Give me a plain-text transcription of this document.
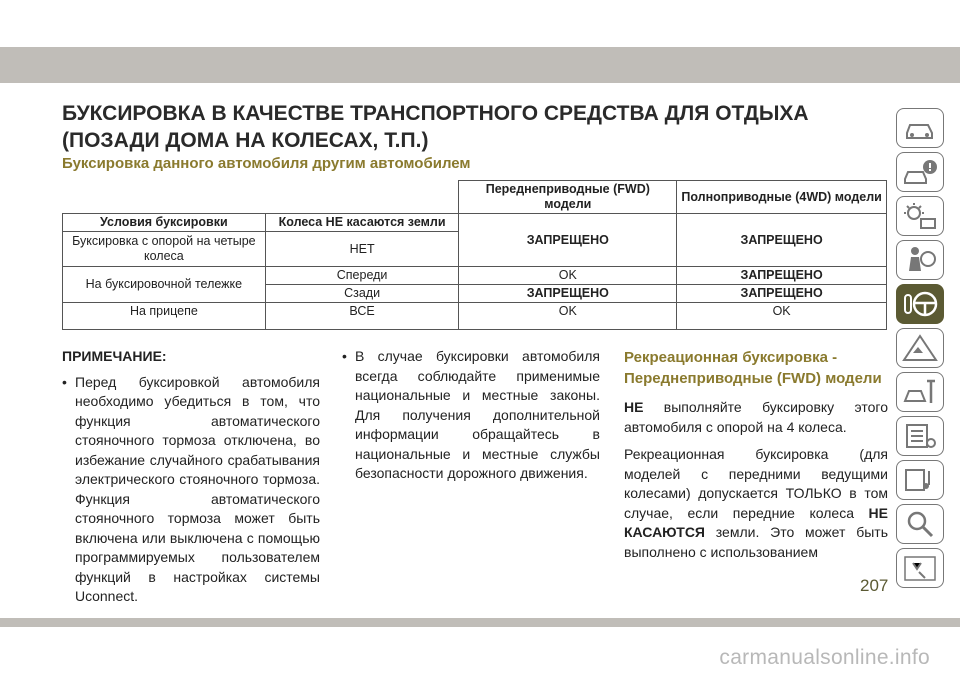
БУКСИРОВКА В КАЧЕСТВЕ ТРАНСПОРТНОГО СРЕДСТВА ДЛЯ ОТДЫХА (ПОЗАДИ ДОМА НА КОЛЕСАХ, Т.П.)
Буксировка данного автомобиля другим автомобилем
		Переднеприводные (FWD) модели	Полноприводные (4WD) модели
Условия буксировки	Колеса НЕ касаются земли	ЗАПРЕЩЕНО	ЗАПРЕЩЕНО
Буксировка с опорой на четыре колеса	НЕТ		
На буксировочной тележке	Спереди	OK	ЗАПРЕЩЕНО
	Сзади	ЗАПРЕЩЕНО	ЗАПРЕЩЕНО
На прицепе	ВСЕ	OK	OK

ПРИМЕЧАНИЕ:

• Перед буксировкой автомобиля необходимо убедиться в том, что функция автоматического стояночного тормоза отключена, во избежание случайного срабатывания электрического стояночного тормоза. Функция автоматического стояночного тормоза может быть включена или выключена с помощью программируемых пользователем функций в настройках системы Uconnect.

• В случае буксировки автомобиля всегда соблюдайте применимые национальные и местные законы. Для получения дополнительной информации обращайтесь в национальные и местные службы безопасности дорожного движения.

Рекреационная буксировка - Переднеприводные (FWD) модели

НЕ выполняйте буксировку этого автомобиля с опорой на 4 колеса.

Рекреационная буксировка (для моделей с передними ведущими колесами) допускается ТОЛЬКО в том случае, если передние колеса НЕ КАСАЮТСЯ земли. Это может быть выполнено с использованием

207
carmanualsonline.info
